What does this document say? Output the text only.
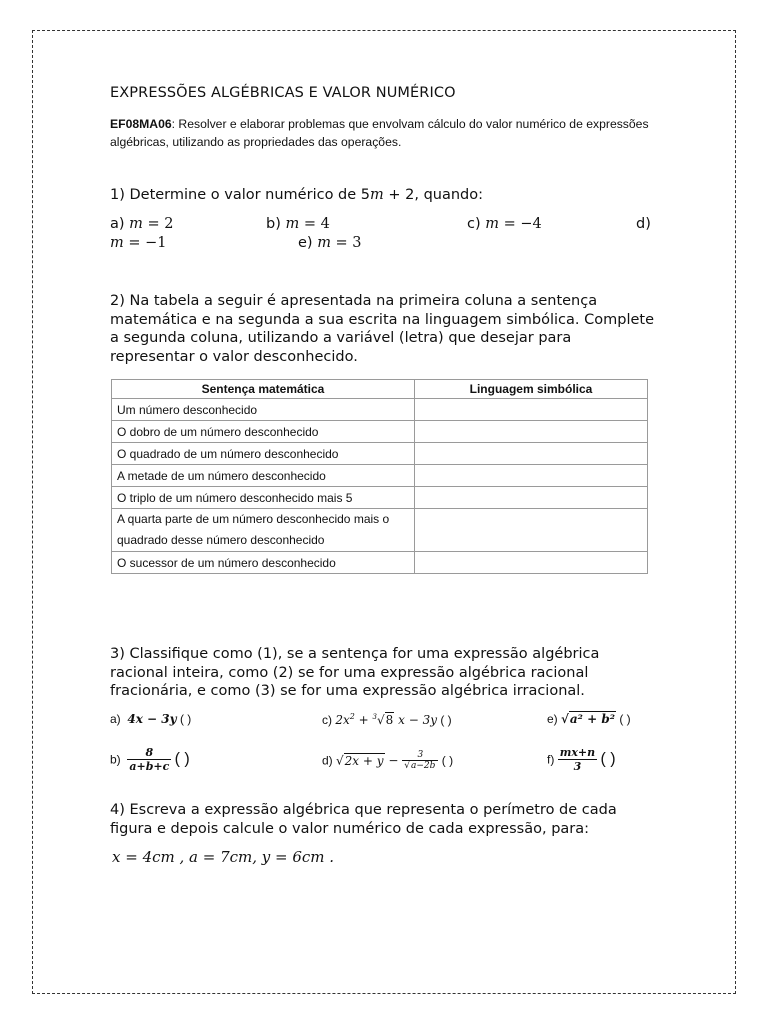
EXPRESSÕES ALGÉBRICAS E VALOR NUMÉRICO
EF08MA06: Resolver e elaborar problemas que envolvam cálculo do valor numérico de expressões algébricas, utilizando as propriedades das operações.
1) Determine o valor numérico de 5m + 2, quando:
a) m = 2	b) m = 4	c) m = −4	d)
m = −1	e) m = 3
2) Na tabela a seguir é apresentada na primeira coluna a sentença matemática e na segunda a sua escrita na linguagem simbólica. Complete a segunda coluna, utilizando a variável (letra) que desejar para representar o valor desconhecido.
Sentença matemática	Linguagem simbólica
Um número desconhecido	
O dobro de um número desconhecido	
O quadrado de um número desconhecido	
A metade de um número desconhecido	
O triplo de um número desconhecido mais 5	
A quarta parte de um número desconhecido mais o
quadrado desse número desconhecido	
O sucessor de um número desconhecido	
3) Classifique como (1), se a sentença for uma expressão algébrica racional inteira, como (2) se for uma expressão algébrica racional fracionária, e como (3) se for uma expressão algébrica irracional.
a) 4x − 3y ( )	c) $2x^2 + ^3√8$ x − 3y ( )	e) √a² + b² ( )
$b) \frac{8}{a+b+c}$ ( )	d) $√2x + y - \frac{3}{√a-2b}$ ( )	$f) \frac{mx+n}{3}$ ( )
4) Escreva a expressão algébrica que representa o perímetro de cada figura e depois calcule o valor numérico de cada expressão, para:
x = 4cm , a = 7cm, y = 6cm .
